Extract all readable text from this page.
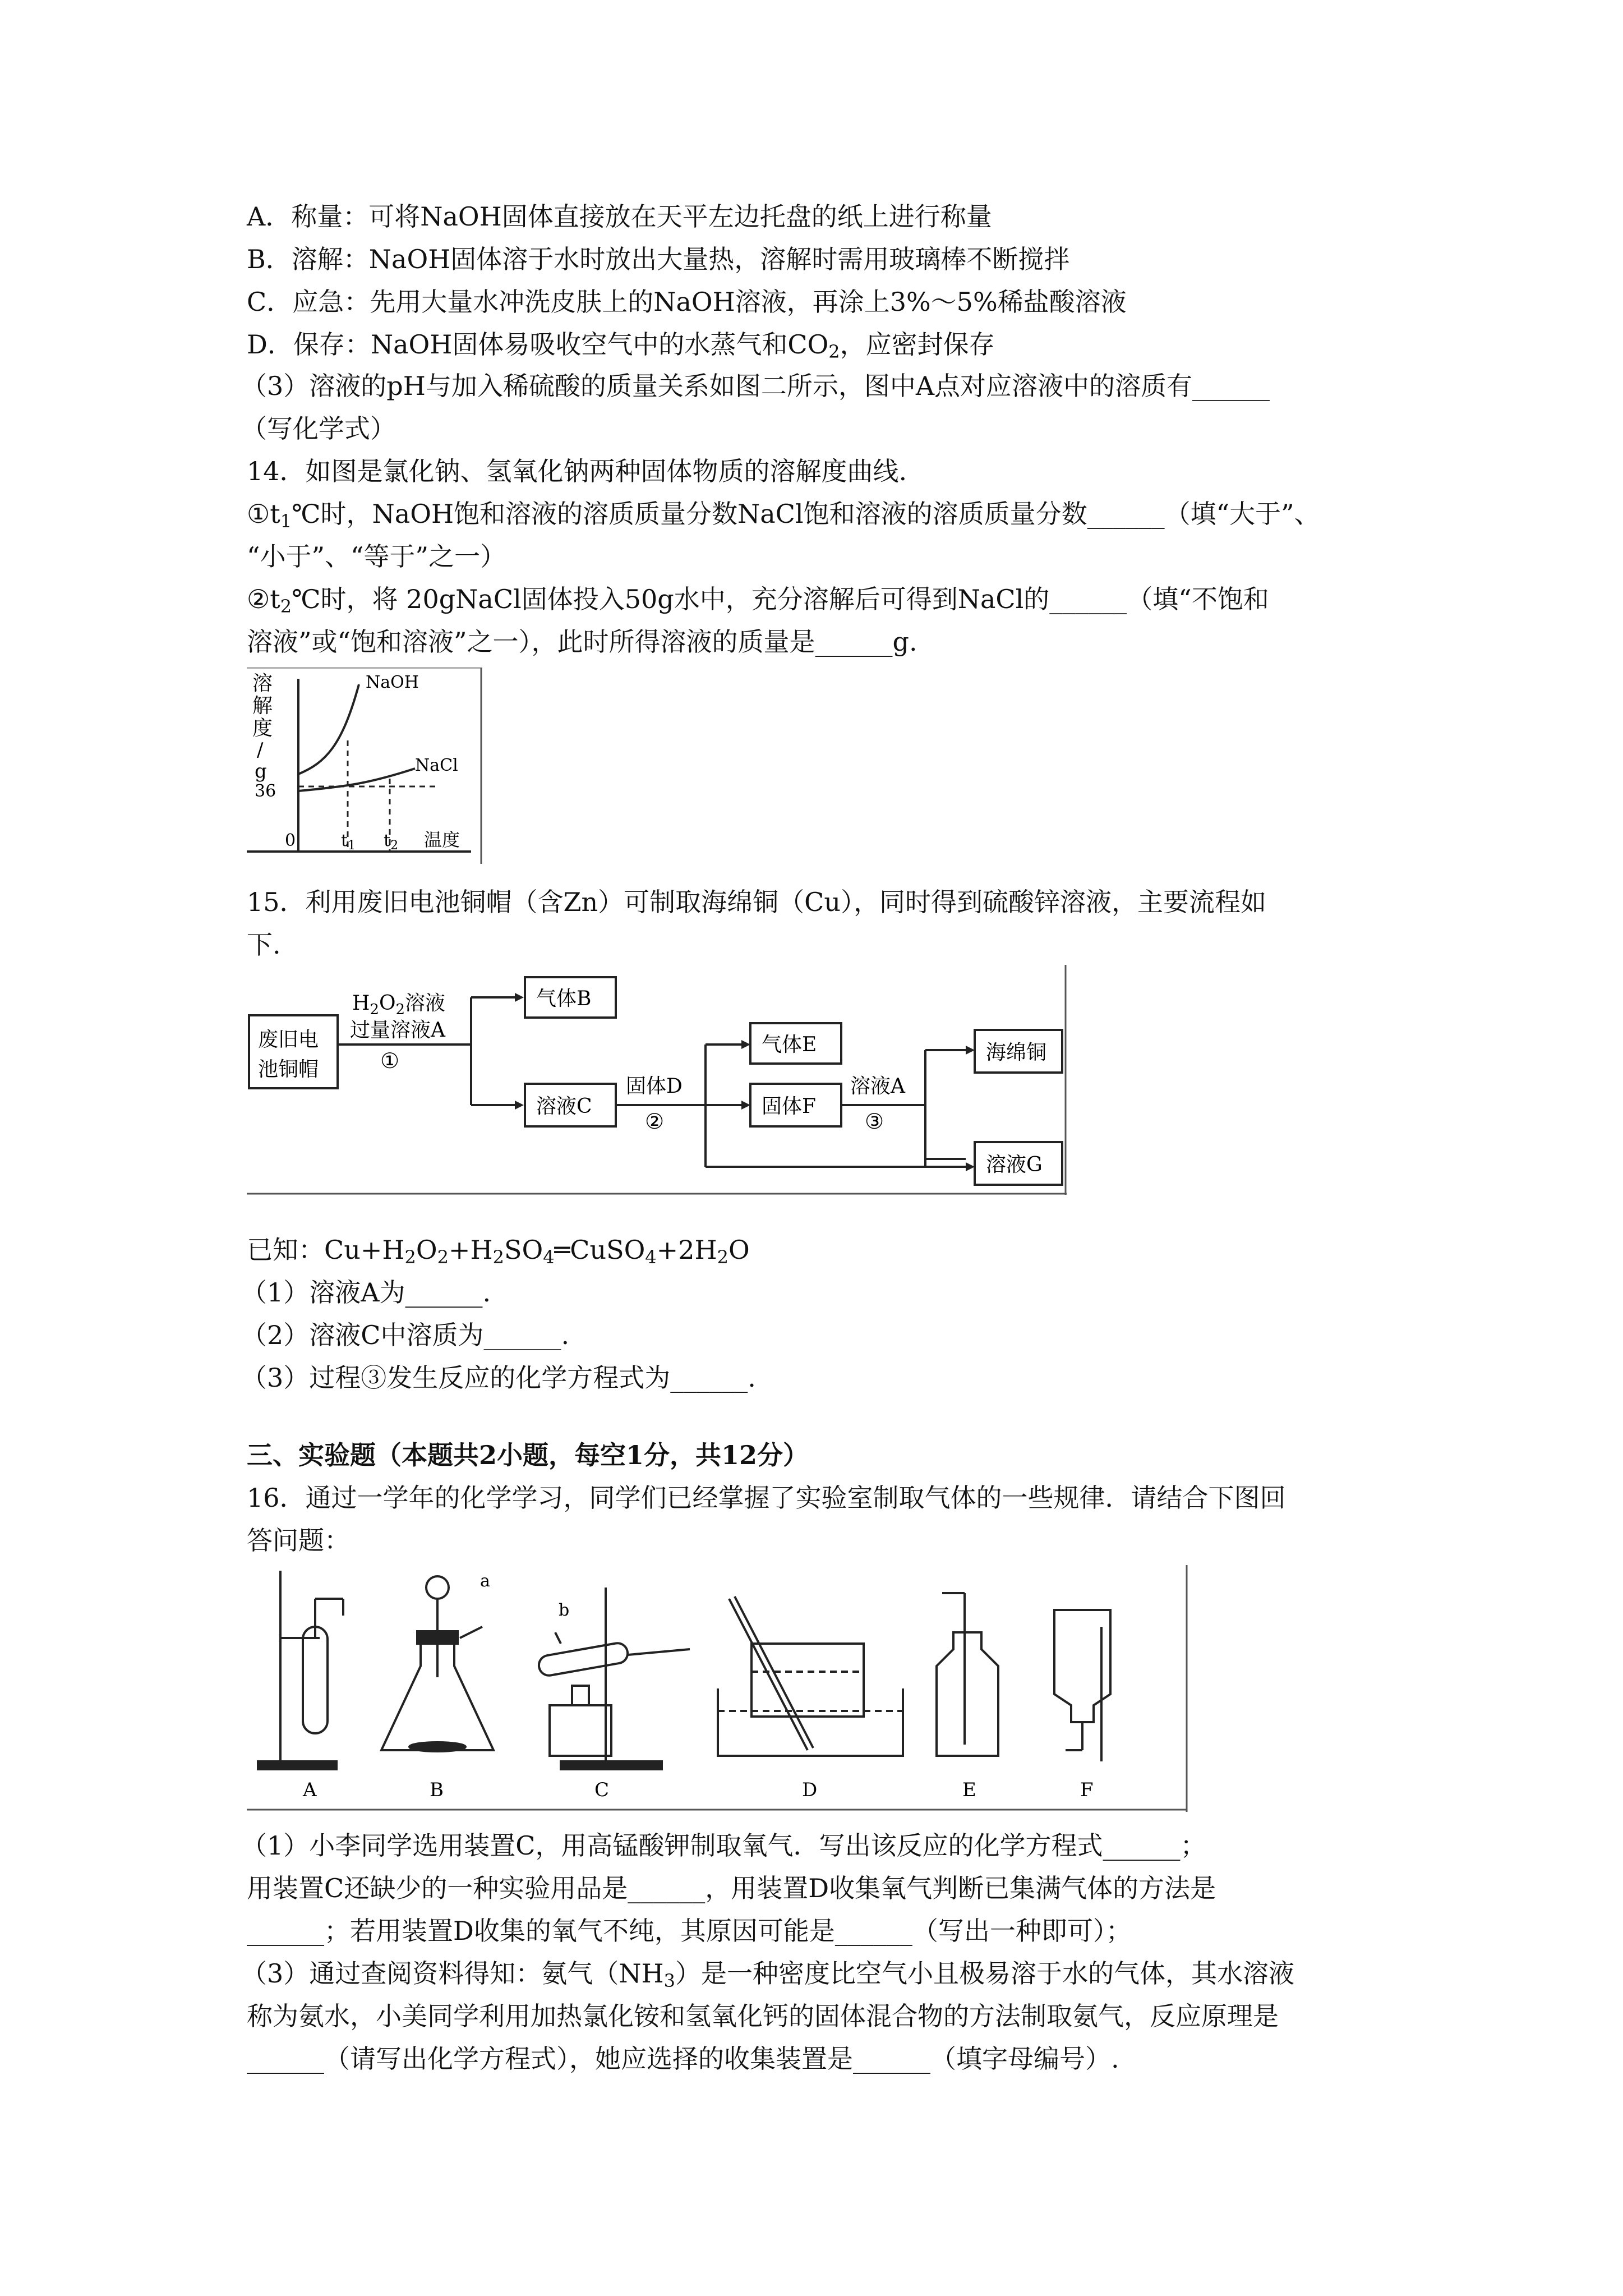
A．称量：可将NaOH固体直接放在天平左边托盘的纸上进行称量
B．溶解：NaOH固体溶于水时放出大量热，溶解时需用玻璃棒不断搅拌
C．应急：先用大量水冲洗皮肤上的NaOH溶液，再涂上3%～5%稀盐酸溶液
D．保存：NaOH固体易吸收空气中的水蒸气和$CO_2$，应密封保存
（3）溶液的pH与加入稀硫酸的质量关系如图二所示，图中A点对应溶液中的溶质有______
（写化学式）
14．如图是氯化钠、氢氧化钠两种固体物质的溶解度曲线.
$①t_1℃$时，NaOH饱和溶液的溶质质量分数NaCl饱和溶液的溶质质量分数______（填“大于”、
“小于”、“等于”之一）
$②t_2℃$时，将 20gNaCl固体投入50g水中，充分溶解后可得到NaCl的______（填“不饱和
溶液”或“饱和溶液”之一），此时所得溶液的质量是______g.
溶
解
度
/
g
36
NaOH
NaCl
0	$t_1$ $t_2$ 温度
15．利用废旧电池铜帽（含Zn）可制取海绵铜（Cu），同时得到硫酸锌溶液，主要流程如
下.
废旧电
池铜帽
$H_2O_2$溶液
过量溶液A
①
气体B
溶液C
固体D
②
气体E
固体F
溶液A
③
海绵铜
溶液G
已知：$Cu+H_2O_2+H_2SO_4═CuSO_4+2H_2O$
（1）溶液A为______.
（2）溶液C中溶质为______.
（3）过程③发生反应的化学方程式为______.
三、实验题（本题共2小题，每空1分，共12分）
16．通过一学年的化学学习，同学们已经掌握了实验室制取气体的一些规律．请结合下图回
答问题：
a
b
A	B	C	D	E	F
（1）小李同学选用装置C，用高锰酸钾制取氧气．写出该反应的化学方程式______；
用装置C还缺少的一种实验用品是______，用装置D收集氧气判断已集满气体的方法是
______；若用装置D收集的氧气不纯，其原因可能是______（写出一种即可）；
（3）通过查阅资料得知：氨气$(NH_3)$是一种密度比空气小且极易溶于水的气体，其水溶液
称为氨水，小美同学利用加热氯化铵和氢氧化钙的固体混合物的方法制取氨气，反应原理是
______（请写出化学方程式），她应选择的收集装置是______（填字母编号）.
